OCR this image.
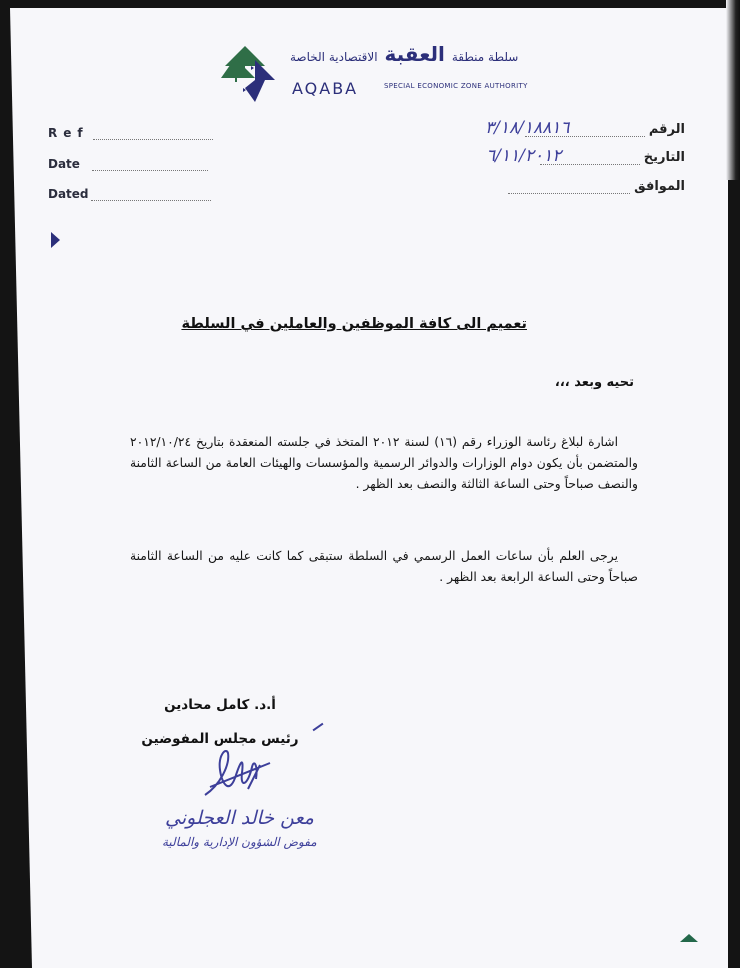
سلطة منطقة العقبة الاقتصادية الخاصة
AQABA	SPECIAL ECONOMIC ZONE AUTHORITY
Ref
Date
Dated
الرقم
٣/١٨/١٨٨١٦
التاريخ
٦/١١/٢٠١٢
الموافق
تعميم الى كافة الموظفين والعاملين في السلطة
تحيه وبعد ،،،
اشارة لبلاغ رئاسة الوزراء رقم (١٦) لسنة ٢٠١٢ المتخذ في جلسته المنعقدة بتاريخ ٢٠١٢/١٠/٢٤ والمتضمن بأن يكون دوام الوزارات والدوائر الرسمية والمؤسسات والهيئات العامة من الساعة الثامنة والنصف صباحاً وحتى الساعة الثالثة والنصف بعد الظهر .
يرجى العلم بأن ساعات العمل الرسمي في السلطة ستبقى كما كانت عليه من الساعة الثامنة صباحاً وحتى الساعة الرابعة بعد الظهر .
أ.د. كامل محادين
رئيس مجلس المفوضين
معن خالد العجلوني
مفوض الشؤون الإدارية والمالية
